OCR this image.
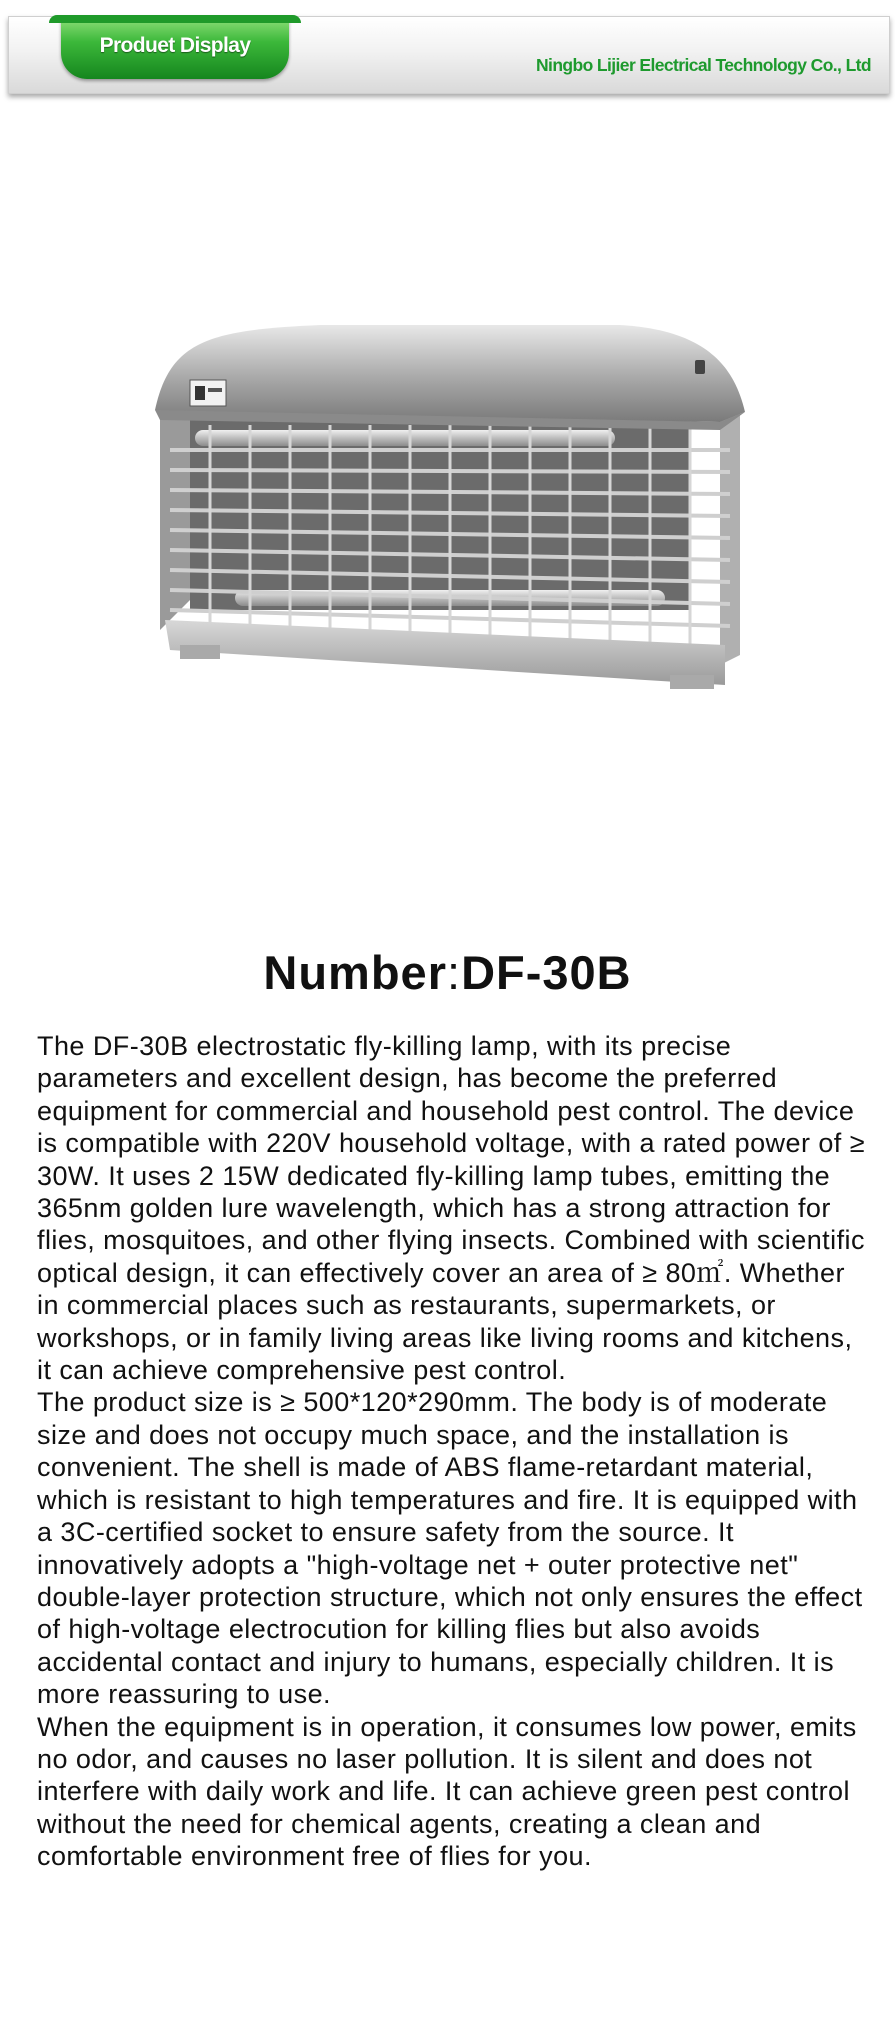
Produet Display
Ningbo Lijier Electrical Technology Co., Ltd
Number:DF-30B

The DF-30B electrostatic fly-killing lamp, with its precise parameters and excellent design, has become the preferred equipment for commercial and household pest control. The device is compatible with 220V household voltage, with a rated power of ≥ 30W. It uses 2 15W dedicated fly-killing lamp tubes, emitting the 365nm golden lure wavelength, which has a strong attraction for flies, mosquitoes, and other flying insects. Combined with scientific optical design, it can effectively cover an area of ≥ 80㎡. Whether in commercial places such as restaurants, supermarkets, or workshops, or in family living areas like living rooms and kitchens, it can achieve comprehensive pest control.

The product size is ≥ 500*120*290mm. The body is of moderate size and does not occupy much space, and the installation is convenient. The shell is made of ABS flame-retardant material, which is resistant to high temperatures and fire. It is equipped with a 3C-certified socket to ensure safety from the source. It innovatively adopts a "high-voltage net + outer protective net" double-layer protection structure, which not only ensures the effect of high-voltage electrocution for killing flies but also avoids accidental contact and injury to humans, especially children. It is more reassuring to use.

When the equipment is in operation, it consumes low power, emits no odor, and causes no laser pollution. It is silent and does not interfere with daily work and life. It can achieve green pest control without the need for chemical agents, creating a clean and comfortable environment free of flies for you.
